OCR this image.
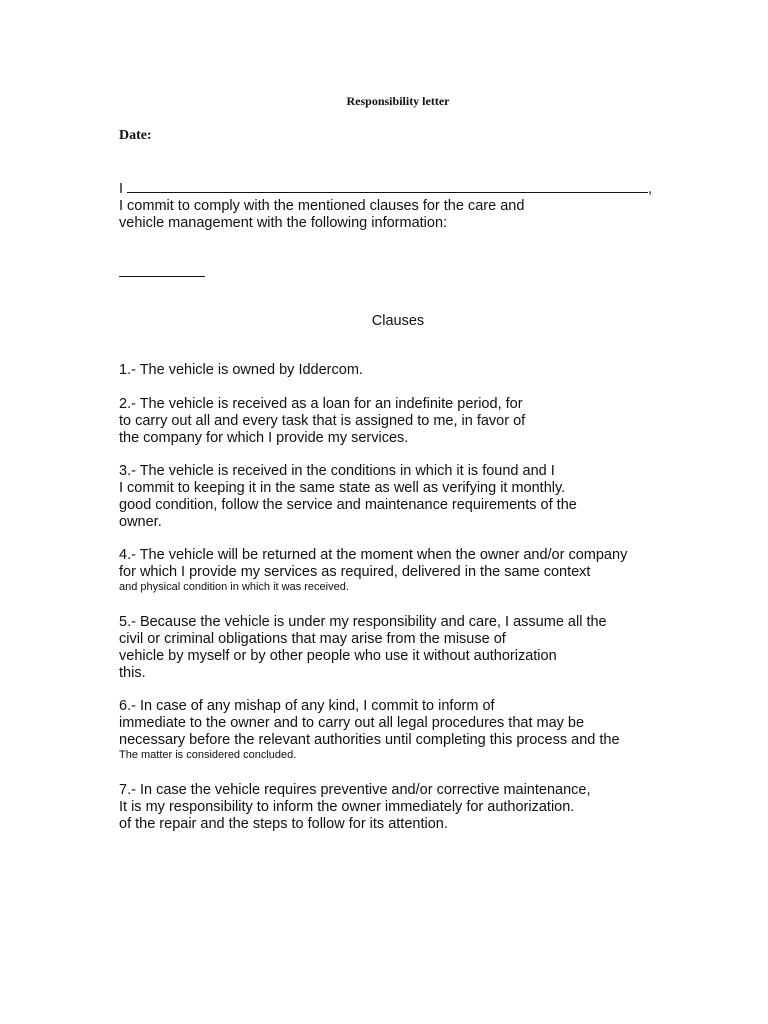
Responsibility letter
Date:
I	,
I commit to comply with the mentioned clauses for the care and
vehicle management with the following information:
Clauses
1.- The vehicle is owned by Iddercom.
2.- The vehicle is received as a loan for an indefinite period, for
to carry out all and every task that is assigned to me, in favor of
the company for which I provide my services.
3.- The vehicle is received in the conditions in which it is found and I
I commit to keeping it in the same state as well as verifying it monthly.
good condition, follow the service and maintenance requirements of the
owner.
4.- The vehicle will be returned at the moment when the owner and/or company
for which I provide my services as required, delivered in the same context
and physical condition in which it was received.
5.- Because the vehicle is under my responsibility and care, I assume all the
civil or criminal obligations that may arise from the misuse of
vehicle by myself or by other people who use it without authorization
this.
6.- In case of any mishap of any kind, I commit to inform of
immediate to the owner and to carry out all legal procedures that may be
necessary before the relevant authorities until completing this process and the
The matter is considered concluded.
7.- In case the vehicle requires preventive and/or corrective maintenance,
It is my responsibility to inform the owner immediately for authorization.
of the repair and the steps to follow for its attention.
